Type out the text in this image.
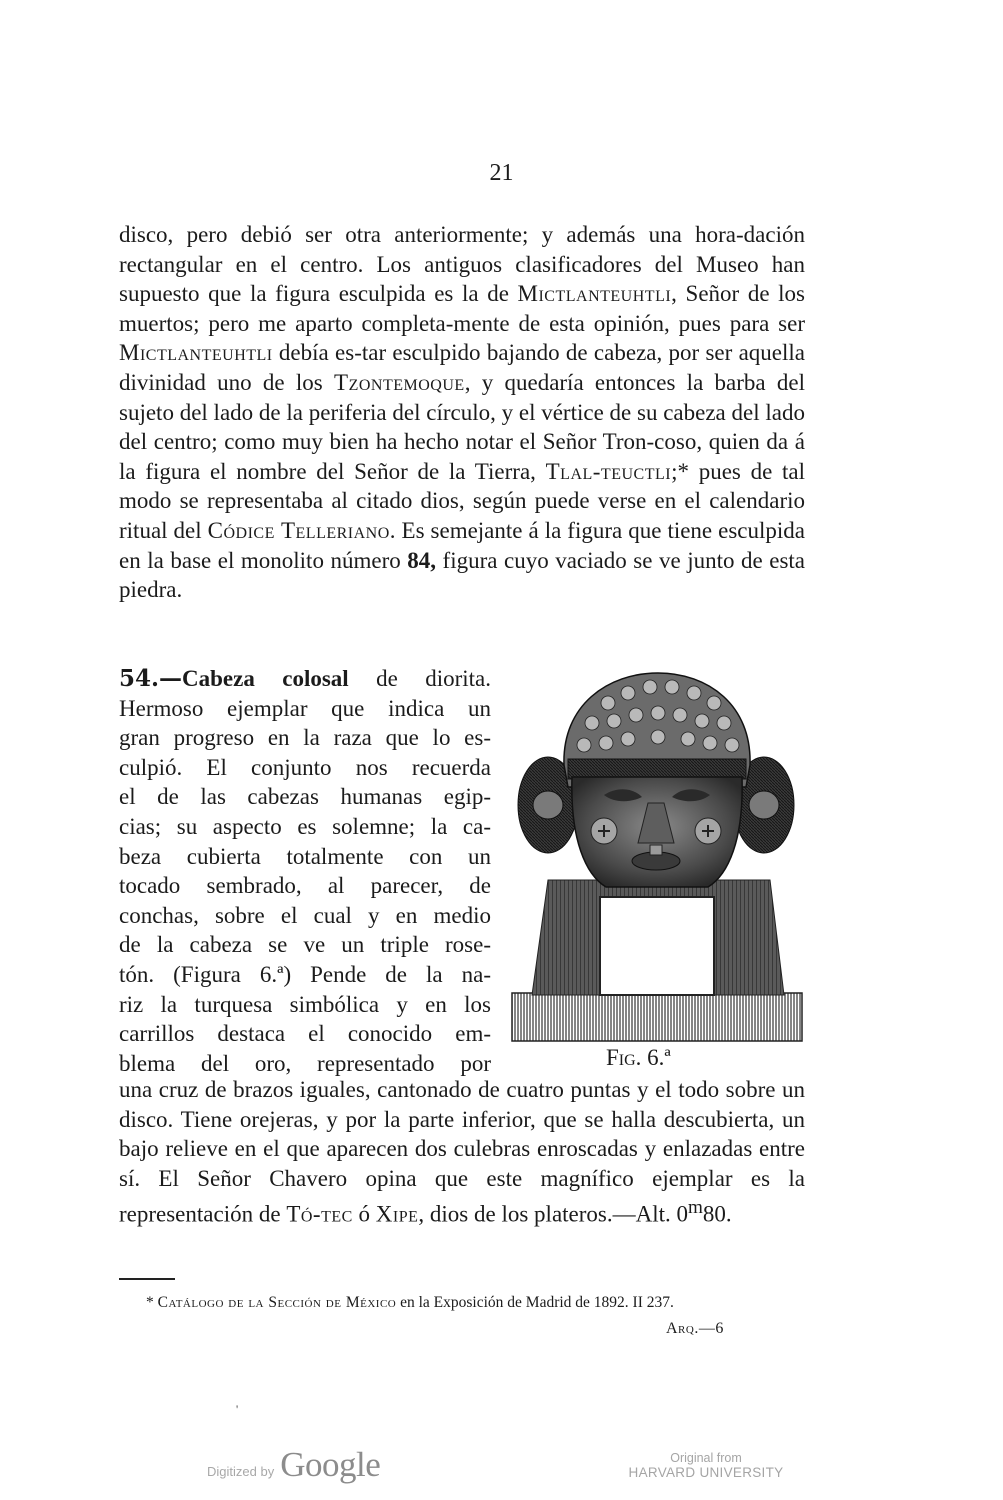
21
disco, pero debió ser otra anteriormente; y además una hora-dación rectangular en el centro. Los antiguos clasificadores del Museo han supuesto que la figura esculpida es la de Mictlanteuhtli, Señor de los muertos; pero me aparto completa-mente de esta opinión, pues para ser Mictlanteuhtli debía es-tar esculpido bajando de cabeza, por ser aquella divinidad uno de los Tzontemoque, y quedaría entonces la barba del sujeto del lado de la periferia del círculo, y el vértice de su cabeza del lado del centro; como muy bien ha hecho notar el Señor Tron-coso, quien da á la figura el nombre del Señor de la Tierra, Tlal-teuctli;* pues de tal modo se representaba al citado dios, según puede verse en el calendario ritual del Códice Telleriano. Es semejante á la figura que tiene esculpida en la base el monolito número 84, figura cuyo vaciado se ve junto de esta piedra.
54.—Cabeza colosal de diorita.
Hermoso ejemplar que indica un
gran progreso en la raza que lo es-
culpió. El conjunto nos recuerda
el de las cabezas humanas egip-
cias; su aspecto es solemne; la ca-
beza cubierta totalmente con un
tocado sembrado, al parecer, de
conchas, sobre el cual y en medio
de la cabeza se ve un triple rose-
tón. (Figura 6.ª) Pende de la na-
riz la turquesa simbólica y en los
carrillos destaca el conocido em-
blema del oro, representado por	Fig. 6.ª
una cruz de brazos iguales, cantonado de cuatro puntas y el todo sobre un disco. Tiene orejeras, y por la parte inferior, que se halla descubierta, un bajo relieve en el que aparecen dos culebras enroscadas y enlazadas entre sí. El Señor Chavero opina que este magnífico ejemplar es la representación de Tó-tec ó Xipe, dios de los plateros.—Alt. 0$^m$80.
* Catálogo de la Sección de México en la Exposición de Madrid de 1892. II 237.
Arq.—6
'
Digitized by Google	Original from
HARVARD UNIVERSITY
